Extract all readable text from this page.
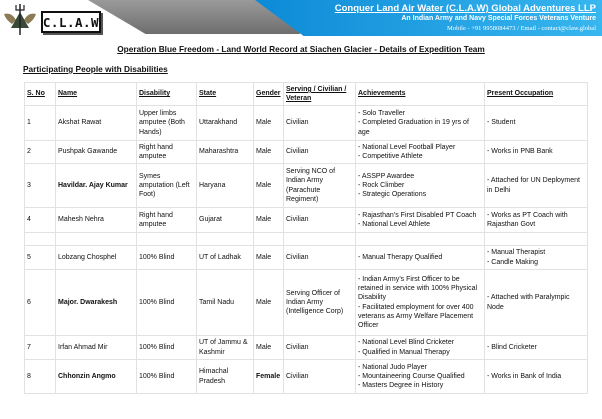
Conquer Land Air Water (C.L.A.W) Global Adventures LLP
An Indian Army and Navy Special Forces Veterans Venture
Mobile - +91 9958084473 / Email - contact@claw.global
C.L.A.W
Operation Blue Freedom - Land World Record at Siachen Glacier - Details of Expedition Team
Participating People with Disabilities
S. No	Name	Disability	State	Gender	Serving / Civilian / Veteran	Achievements	Present Occupation
1	Akshat Rawat	Upper limbs amputee (Both Hands)	Uttarakhand	Male	Civilian	- Solo Traveller
- Completed Graduation in 19 yrs of age	- Student

2	Pushpak Gawande	Right hand amputee	Maharashtra	Male	Civilian	- National Level Football Player
- Competitive Athlete	- Works in PNB Bank

3	Havildar. Ajay Kumar	Symes amputation (Left Foot)	Haryana	Male	Serving NCO of Indian Army (Parachute Regiment)	- ASSPP Awardee
- Rock Climber
- Strategic Operations	- Attached for UN Deployment in Delhi

4	Mahesh Nehra	Right hand amputee	Gujarat	Male	Civilian	- Rajasthan’s First Disabled PT Coach
- National Level Athlete	- Works as PT Coach with Rajasthan Govt

5	Lobzang Chosphel	100% Blind	UT of Ladhak	Male	Civilian	- Manual Therapy Qualified	- Manual Therapist
- Candle Making

6	Major. Dwarakesh	100% Blind	Tamil Nadu	Male	Serving Officer of Indian Army (Intelligence Corp)	- Indian Army’s First Officer to be retained in service with 100% Physical Disability
- Facilitated employment for over 400 veterans as Army Welfare Placement Officer	- Attached with Paralympic Node

7	Irfan Ahmad Mir	100% Blind	UT of Jammu & Kashmir	Male	Civilian	- National Level Blind Cricketer
- Qualified in Manual Therapy	- Blind Cricketer

8	Chhonzin Angmo	100% Blind	Himachal Pradesh	Female	Civilian	- National Judo Player
- Mountaineering Course Qualified
- Masters Degree in History	- Works in Bank of India
